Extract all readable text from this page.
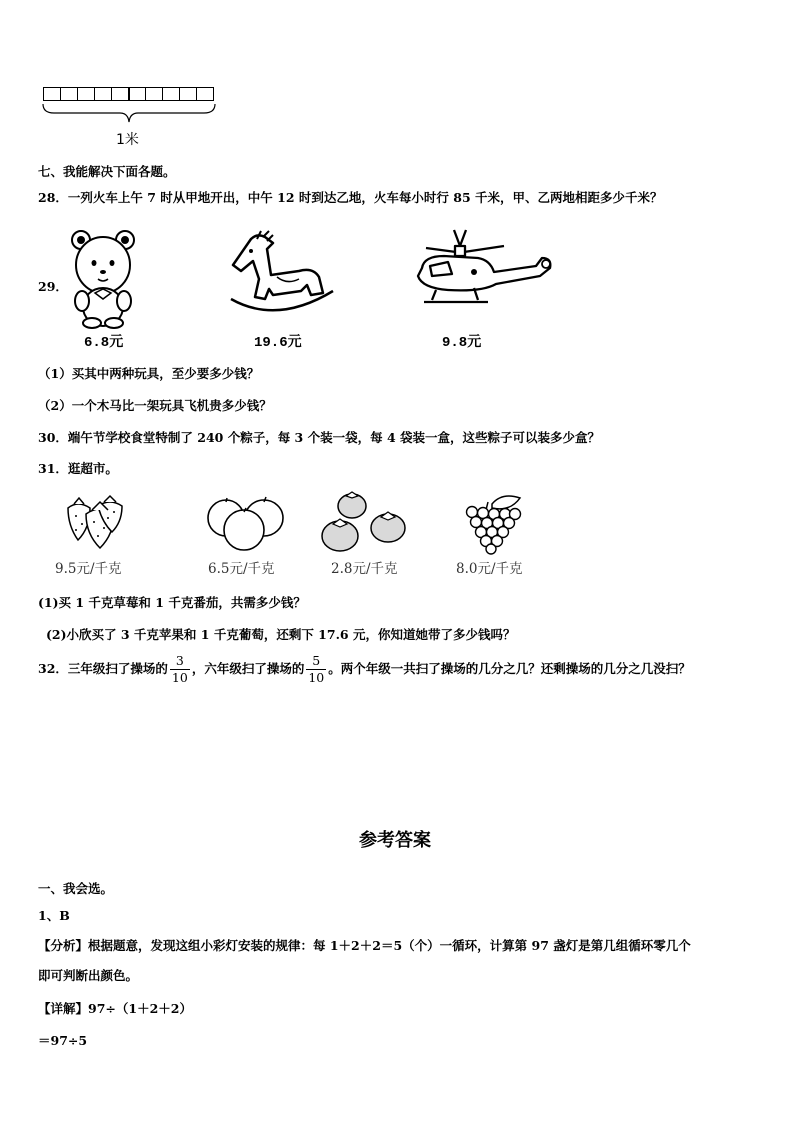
1米
七、我能解决下面各题。
28．一列火车上午 7 时从甲地开出，中午 12 时到达乙地，火车每小时行 85 千米，甲、乙两地相距多少千米？
29．
6.8元	19.6元	9.8元
（1）买其中两种玩具，至少要多少钱？
（2）一个木马比一架玩具飞机贵多少钱？
30．端午节学校食堂特制了 240 个粽子，每 3 个装一袋，每 4 袋装一盒，这些粽子可以装多少盒？
31．逛超市。
9.5元/千克	6.5元/千克	2.8元/千克	8.0元/千克
(1)买 1 千克草莓和 1 千克番茄，共需多少钱？
(2)小欣买了 3 千克苹果和 1 千克葡萄，还剩下 17.6 元，你知道她带了多少钱吗？
32．三年级扫了操场的 $\frac{3}{10}$ ，六年级扫了操场的 $\frac{5}{10}$ 。两个年级一共扫了操场的几分之几？还剩操场的几分之几没扫？
参考答案
一、我会选。
1、B
【分析】根据题意，发现这组小彩灯安装的规律：每 1＋2＋2＝5（个）一循环，计算第 97 盏灯是第几组循环零几个
即可判断出颜色。
【详解】97÷（1＋2＋2）
＝97÷5
